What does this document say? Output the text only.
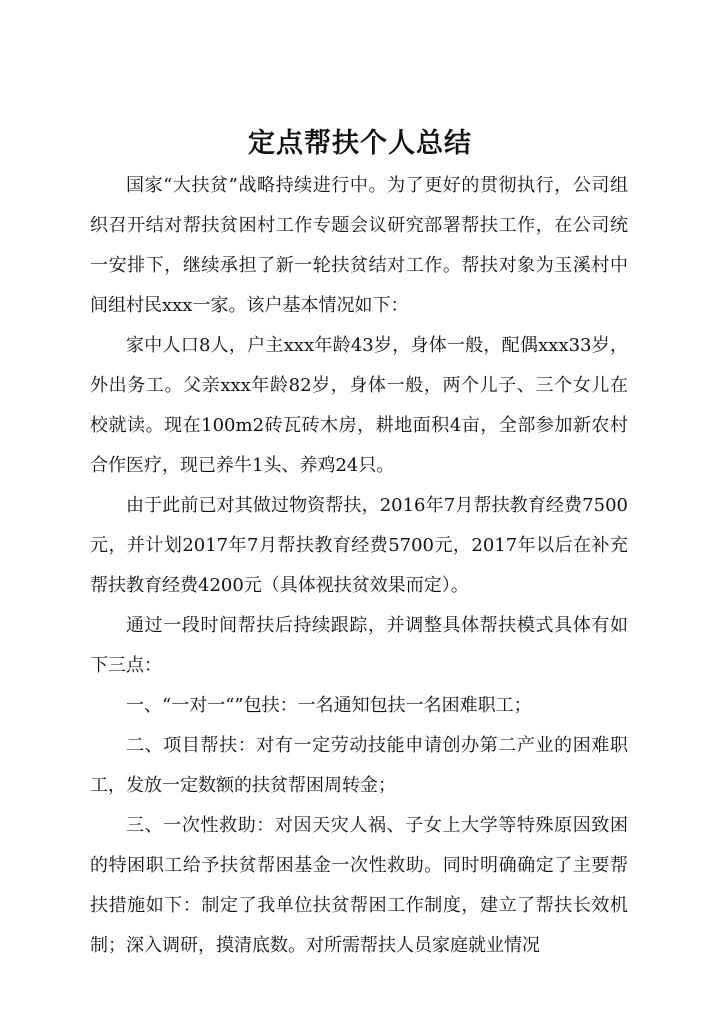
定点帮扶个人总结

国家“大扶贫”战略持续进行中。为了更好的贯彻执行，公司组织召开结对帮扶贫困村工作专题会议研究部署帮扶工作，在公司统一安排下，继续承担了新一轮扶贫结对工作。帮扶对象为玉溪村中间组村民xxx一家。该户基本情况如下：

家中人口8人，户主xxx年龄43岁，身体一般，配偶xxx33岁，外出务工。父亲xxx年龄82岁，身体一般，两个儿子、三个女儿在校就读。现在100m2砖瓦砖木房，耕地面积4亩，全部参加新农村合作医疗，现已养牛1头、养鸡24只。

由于此前已对其做过物资帮扶，2016年7月帮扶教育经费7500元，并计划2017年7月帮扶教育经费5700元，2017年以后在补充帮扶教育经费4200元（具体视扶贫效果而定）。

通过一段时间帮扶后持续跟踪，并调整具体帮扶模式具体有如下三点：

一、“一对一“”包扶：一名通知包扶一名困难职工；

二、项目帮扶：对有一定劳动技能申请创办第二产业的困难职工，发放一定数额的扶贫帮困周转金；

三、一次性救助：对因天灾人祸、子女上大学等特殊原因致困的特困职工给予扶贫帮困基金一次性救助。同时明确确定了主要帮扶措施如下：制定了我单位扶贫帮困工作制度，建立了帮扶长效机制；深入调研，摸清底数。对所需帮扶人员家庭就业情况
